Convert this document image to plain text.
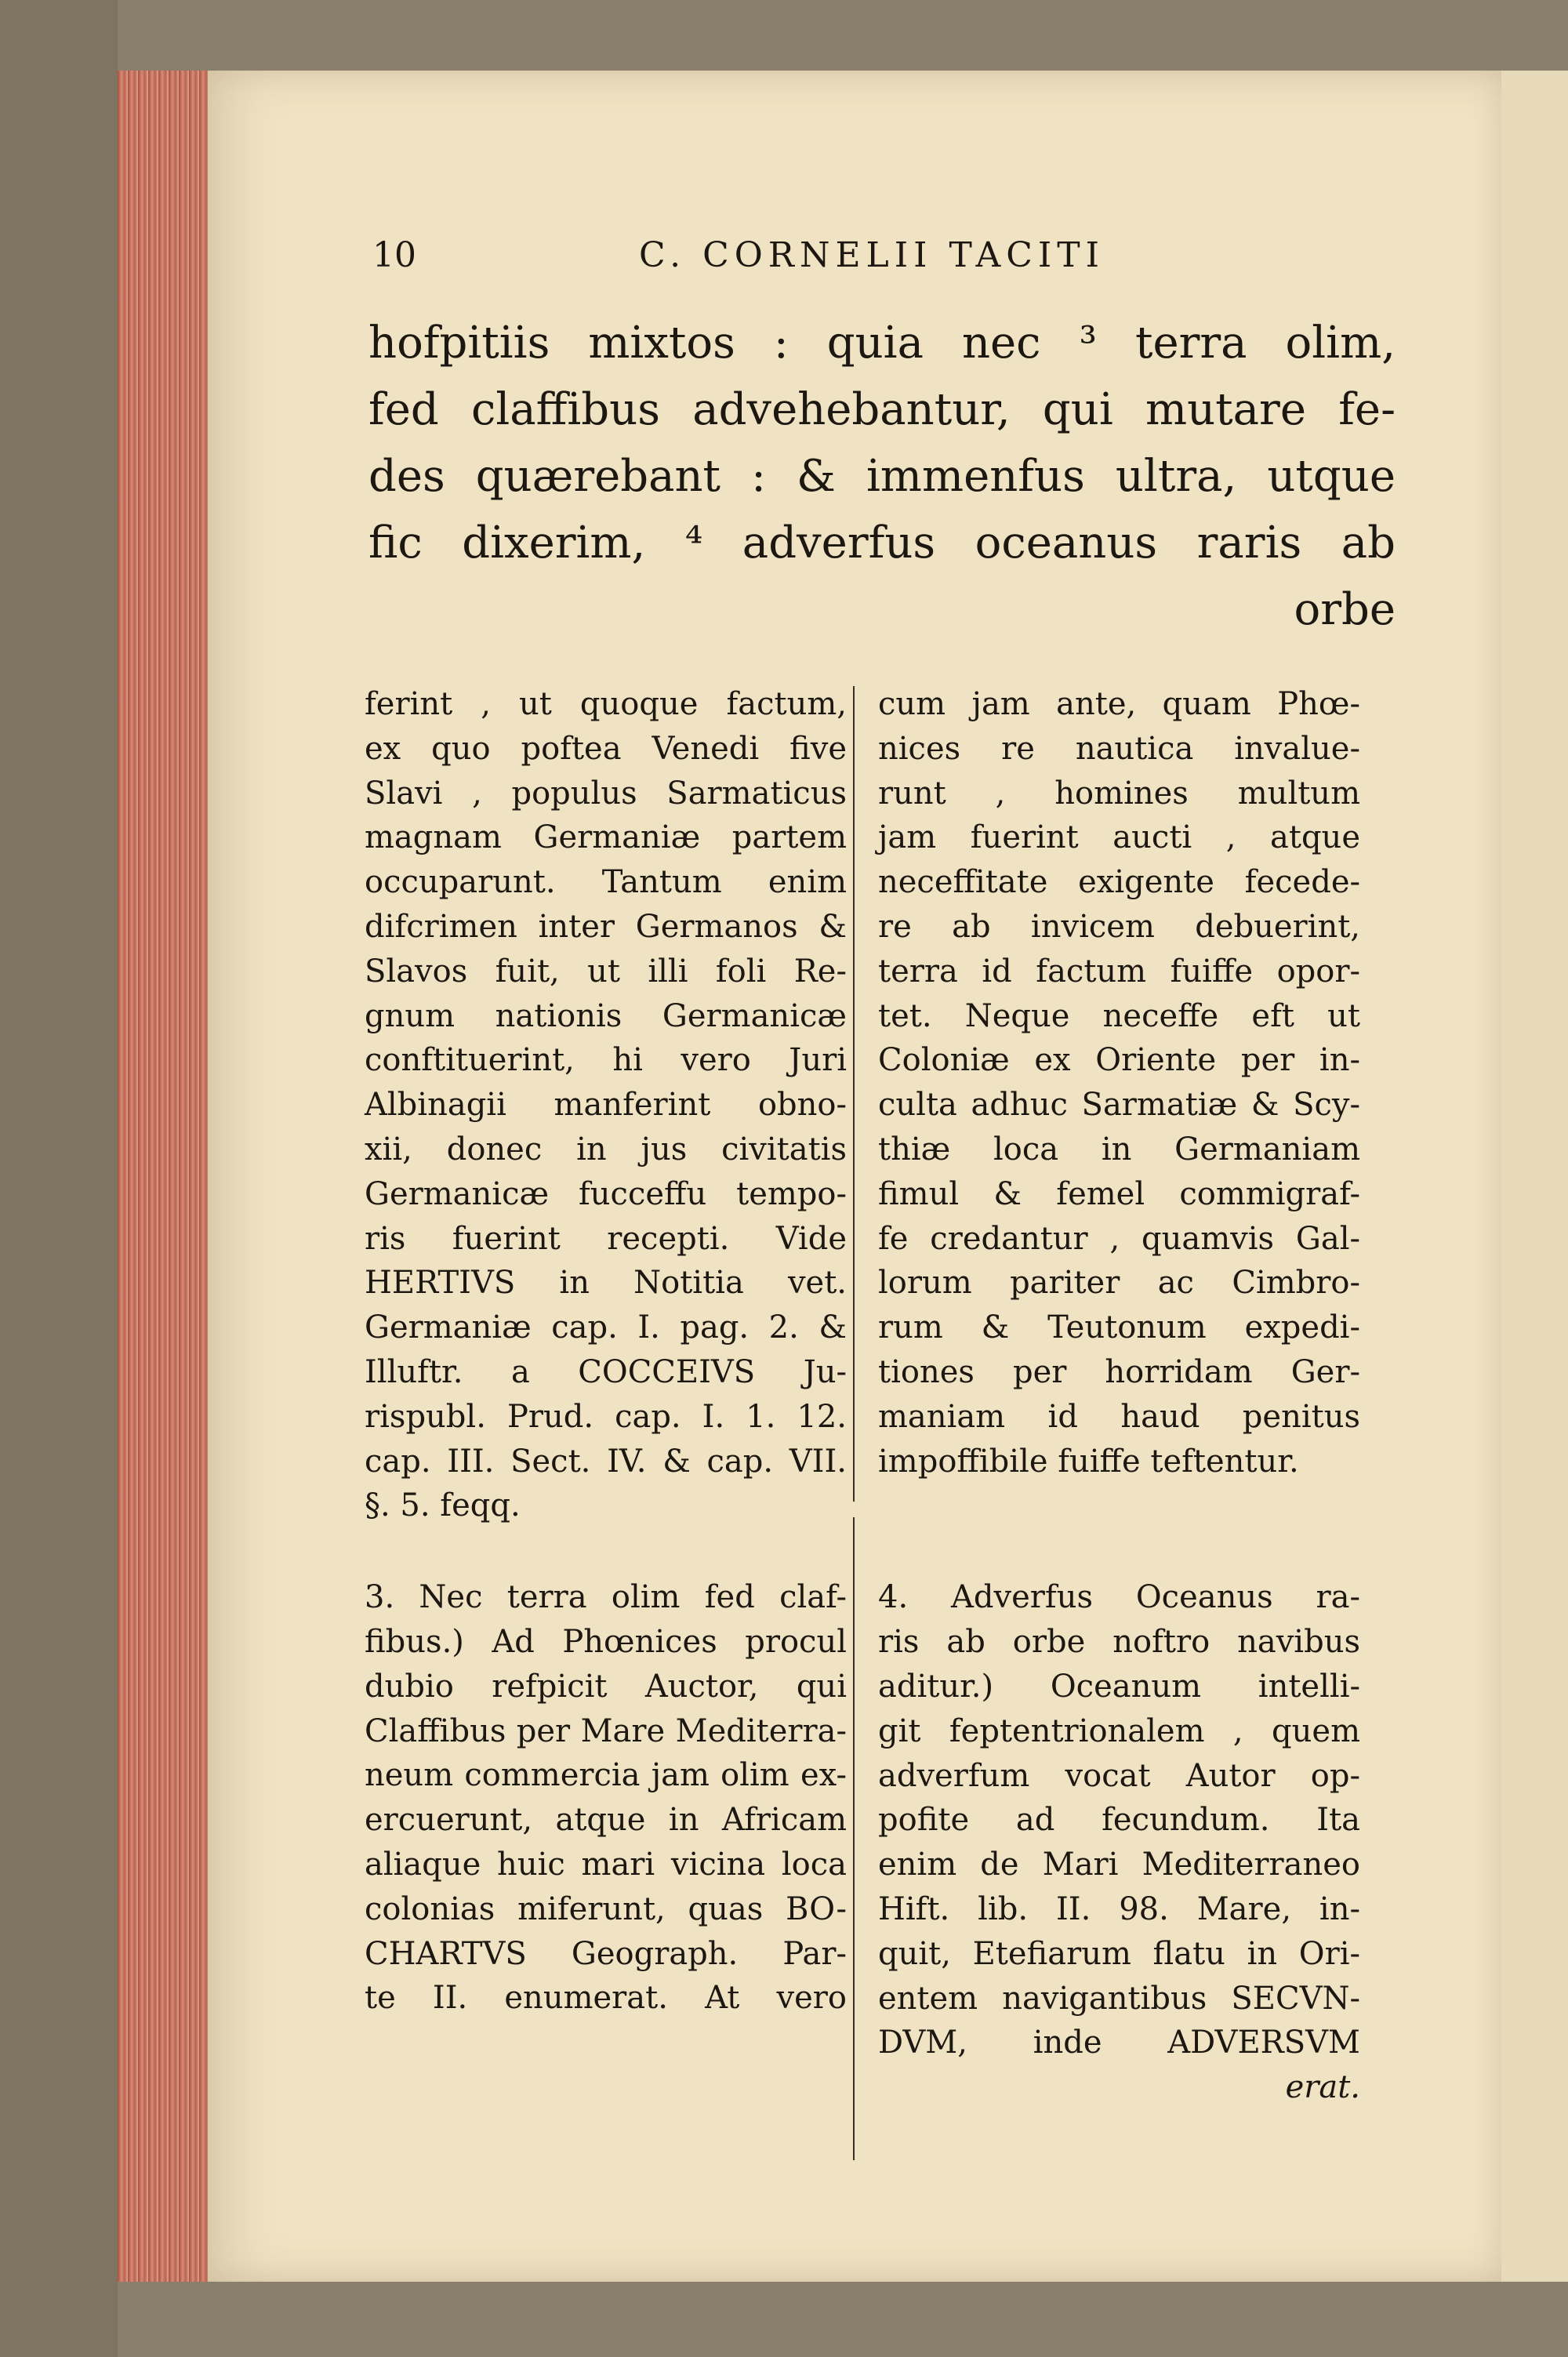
10	C. CORNELII TACITI
hofpitiis mixtos : quia nec ³ terra olim,
fed claffibus advehebantur, qui mutare fe-
des quærebant : & immenfus ultra, utque
fic dixerim, ⁴ adverfus oceanus raris ab
orbe
ferint , ut quoque factum,
ex quo poftea Venedi five
Slavi , populus Sarmaticus
magnam Germaniæ partem
occuparunt. Tantum enim
difcrimen inter Germanos &
Slavos fuit, ut illi foli Re-
gnum nationis Germanicæ
conftituerint, hi vero Juri
Albinagii manferint obno-
xii, donec in jus civitatis
Germanicæ fucceffu tempo-
ris fuerint recepti. Vide
HERTIVS in Notitia vet.
Germaniæ cap. I. pag. 2. &
Illuftr. a COCCEIVS Ju-
rispubl. Prud. cap. I. 1. 12.
cap. III. Sect. IV. & cap. VII.
§. 5. feqq.
3. Nec terra olim fed claf-
fibus.) Ad Phœnices procul
dubio refpicit Auctor, qui
Claffibus per Mare Mediterra-
neum commercia jam olim ex-
ercuerunt, atque in Africam
aliaque huic mari vicina loca
colonias miferunt, quas BO-
CHARTVS Geograph. Par-
te II. enumerat. At vero
cum jam ante, quam Phœ-
nices re nautica invalue-
runt , homines multum
jam fuerint aucti , atque
neceffitate exigente fecede-
re ab invicem debuerint,
terra id factum fuiffe opor-
tet. Neque neceffe eft ut
Coloniæ ex Oriente per in-
culta adhuc Sarmatiæ & Scy-
thiæ loca in Germaniam
fimul & femel commigraf-
fe credantur , quamvis Gal-
lorum pariter ac Cimbro-
rum & Teutonum expedi-
tiones per horridam Ger-
maniam id haud penitus
impoffibile fuiffe teftentur.
4. Adverfus Oceanus ra-
ris ab orbe noftro navibus
aditur.) Oceanum intelli-
git feptentrionalem , quem
adverfum vocat Autor op-
pofite ad fecundum. Ita
enim de Mari Mediterraneo
Hift. lib. II. 98. Mare, in-
quit, Etefiarum flatu in Ori-
entem navigantibus SECVN-
DVM, inde ADVERSVM
erat.
